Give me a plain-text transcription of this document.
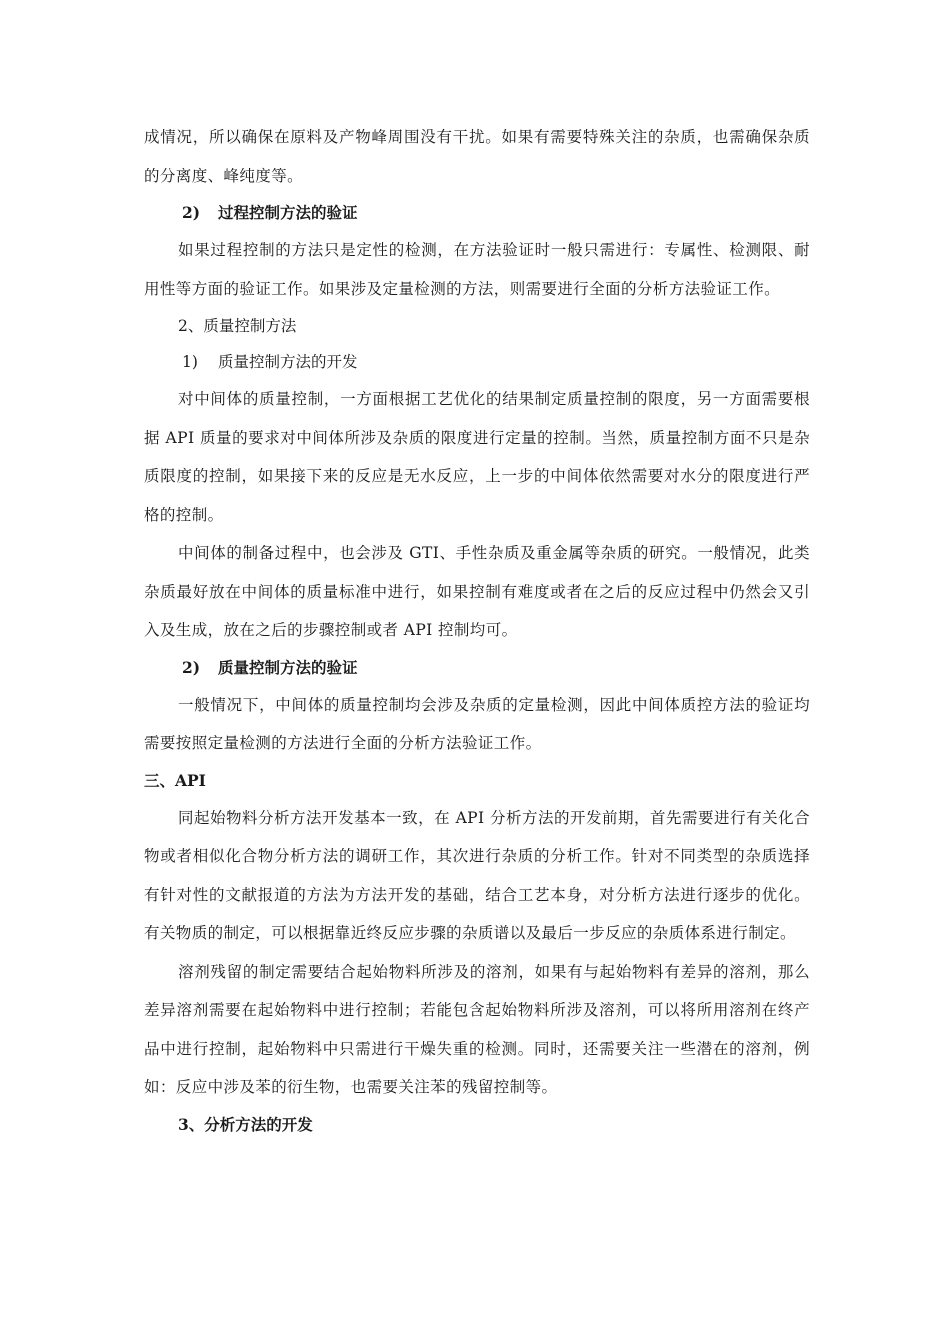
成情况，所以确保在原料及产物峰周围没有干扰。如果有需要特殊关注的杂质，也需确保杂质的分离度、峰纯度等。

2) 过程控制方法的验证

如果过程控制的方法只是定性的检测，在方法验证时一般只需进行：专属性、检测限、耐用性等方面的验证工作。如果涉及定量检测的方法，则需要进行全面的分析方法验证工作。

2、质量控制方法

1) 质量控制方法的开发

对中间体的质量控制，一方面根据工艺优化的结果制定质量控制的限度，另一方面需要根据 API 质量的要求对中间体所涉及杂质的限度进行定量的控制。当然，质量控制方面不只是杂质限度的控制，如果接下来的反应是无水反应，上一步的中间体依然需要对水分的限度进行严格的控制。

中间体的制备过程中，也会涉及 GTI、手性杂质及重金属等杂质的研究。一般情况，此类杂质最好放在中间体的质量标准中进行，如果控制有难度或者在之后的反应过程中仍然会又引入及生成，放在之后的步骤控制或者 API 控制均可。

2) 质量控制方法的验证

一般情况下，中间体的质量控制均会涉及杂质的定量检测，因此中间体质控方法的验证均需要按照定量检测的方法进行全面的分析方法验证工作。

三、API

同起始物料分析方法开发基本一致，在 API 分析方法的开发前期，首先需要进行有关化合物或者相似化合物分析方法的调研工作，其次进行杂质的分析工作。针对不同类型的杂质选择有针对性的文献报道的方法为方法开发的基础，结合工艺本身，对分析方法进行逐步的优化。有关物质的制定，可以根据靠近终反应步骤的杂质谱以及最后一步反应的杂质体系进行制定。

溶剂残留的制定需要结合起始物料所涉及的溶剂，如果有与起始物料有差异的溶剂，那么差异溶剂需要在起始物料中进行控制；若能包含起始物料所涉及溶剂，可以将所用溶剂在终产品中进行控制，起始物料中只需进行干燥失重的检测。同时，还需要关注一些潜在的溶剂，例如：反应中涉及苯的衍生物，也需要关注苯的残留控制等。

3、分析方法的开发
